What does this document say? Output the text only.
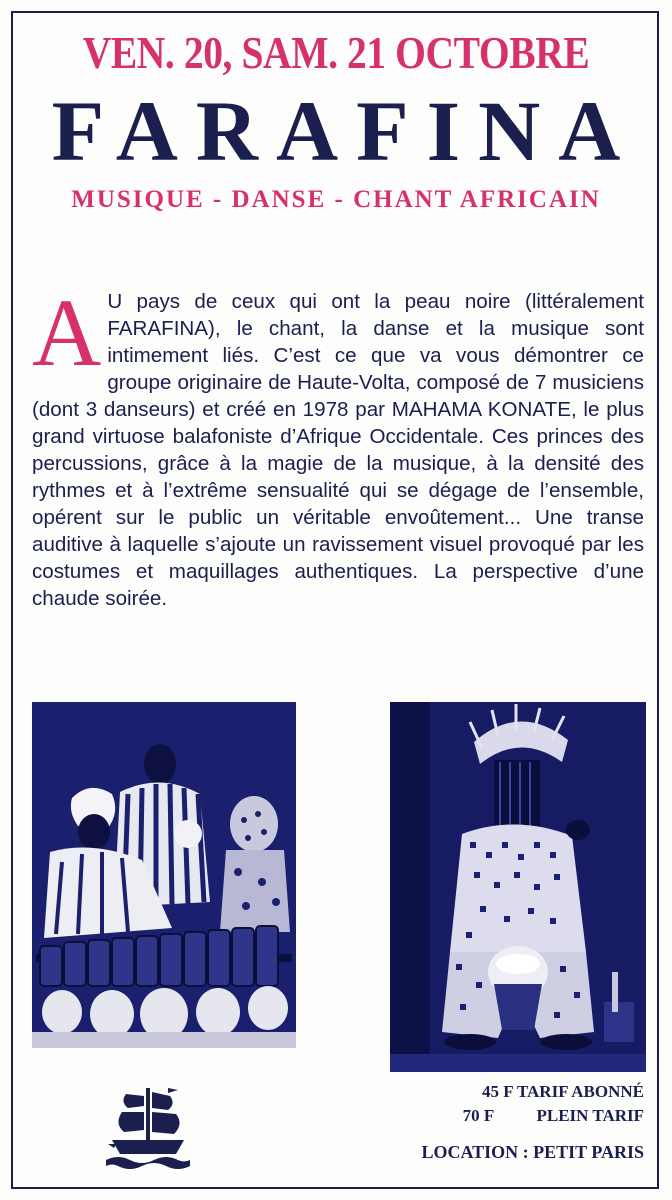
VEN. 20, SAM. 21 OCTOBRE
FARAFINA
MUSIQUE - DANSE - CHANT AFRICAIN

A U pays de ceux qui ont la peau noire (littéralement FARAFINA), le chant, la danse et la musique sont intimement liés. C’est ce que va vous démontrer ce groupe originaire de Haute-Volta, composé de 7 musiciens (dont 3 danseurs) et créé en 1978 par MAHAMA KONATE, le plus grand virtuose balafoniste d’Afrique Occidentale. Ces princes des percussions, grâce à la magie de la musique, à la densité des rythmes et à l’extrême sensualité qui se dégage de l’ensemble, opérent sur le public un véritable envoûtement... Une transe auditive à laquelle s’ajoute un ravissement visuel provoqué par les costumes et maquillages authentiques. La perspective d’une chaude soirée.

45 F TARIF ABONNÉ
70 F PLEIN TARIF
LOCATION : PETIT PARIS
